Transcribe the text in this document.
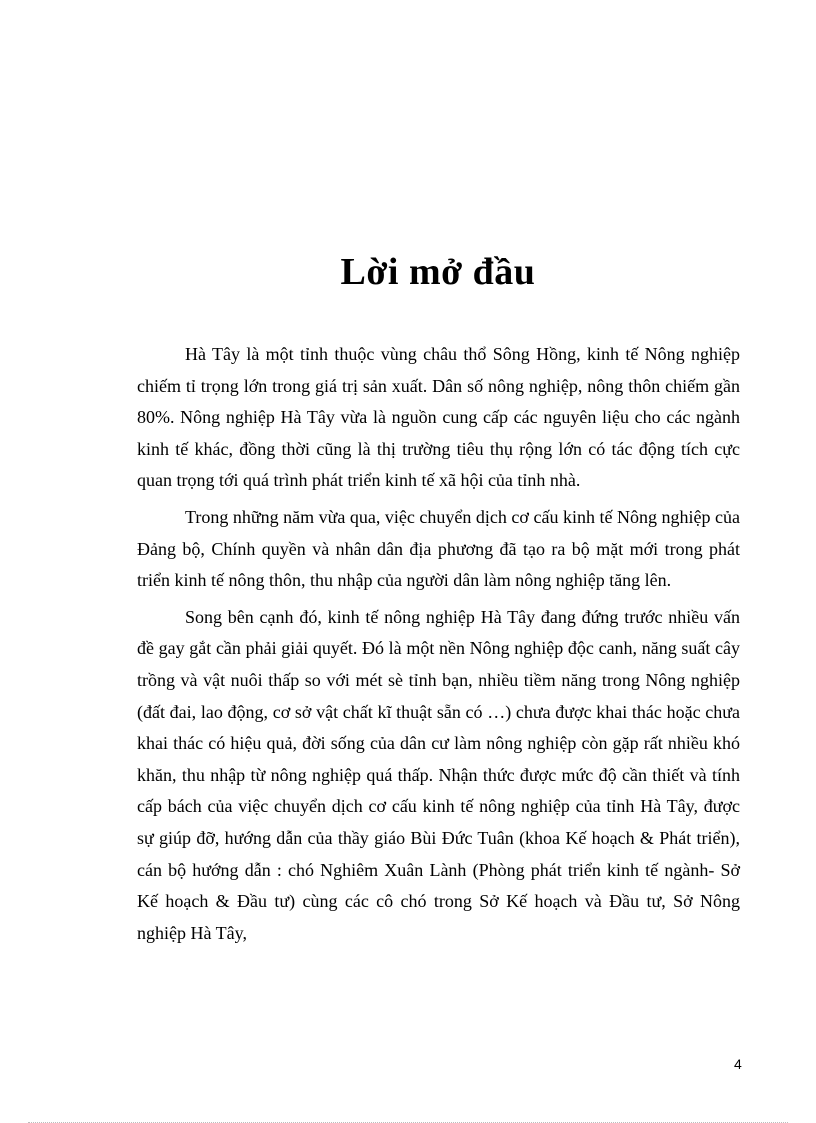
Lời mở đầu

Hà Tây là một tỉnh thuộc vùng châu thổ Sông Hồng, kinh tế Nông nghiệp chiếm tỉ trọng lớn trong giá trị sản xuất. Dân số nông nghiệp, nông thôn chiếm gần 80%. Nông nghiệp Hà Tây vừa là nguồn cung cấp các nguyên liệu cho các ngành kinh tế khác, đồng thời cũng là thị trường tiêu thụ rộng lớn có tác động tích cực quan trọng tới quá trình phát triển kinh tế xã hội của tỉnh nhà.

Trong những năm vừa qua, việc chuyển dịch cơ cấu kinh tế Nông nghiệp của Đảng bộ, Chính quyền và nhân dân địa phương đã tạo ra bộ mặt mới trong phát triển kinh tế nông thôn, thu nhập của người dân làm nông nghiệp tăng lên.

Song bên cạnh đó, kinh tế nông nghiệp Hà Tây đang đứng trước nhiều vấn đề gay gắt cần phải giải quyết. Đó là một nền Nông nghiệp độc canh, năng suất cây trồng và vật nuôi thấp so với mét sè tỉnh bạn, nhiều tiềm năng trong Nông nghiệp (đất đai, lao động, cơ sở vật chất kĩ thuật sẵn có …) chưa được khai thác hoặc chưa khai thác có hiệu quả, đời sống của dân cư làm nông nghiệp còn gặp rất nhiều khó khăn, thu nhập từ nông nghiệp quá thấp. Nhận thức được mức độ cần thiết và tính cấp bách của việc chuyển dịch cơ cấu kinh tế nông nghiệp của tỉnh Hà Tây, được sự giúp đỡ, hướng dẫn của thầy giáo Bùi Đức Tuân (khoa Kế hoạch & Phát triển), cán bộ hướng dẫn : chó Nghiêm Xuân Lành (Phòng phát triển kinh tế ngành- Sở Kế hoạch & Đầu tư) cùng các cô chó trong Sở Kế hoạch và Đầu tư, Sở Nông nghiệp Hà Tây,

4
